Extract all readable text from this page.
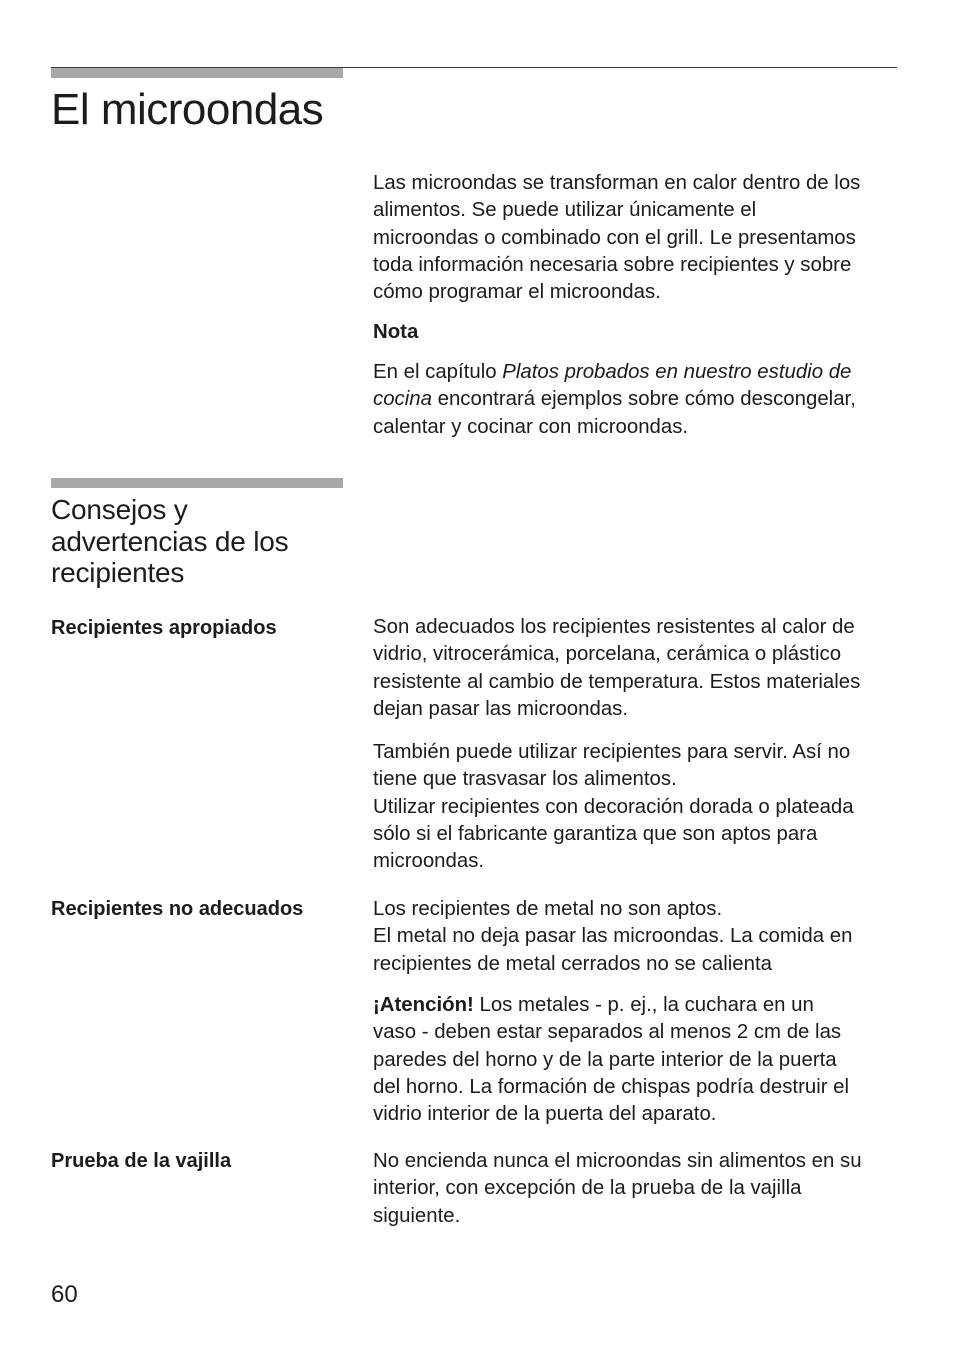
El microondas

Las microondas se transforman en calor dentro de los
alimentos. Se puede utilizar únicamente el
microondas o combinado con el grill. Le presentamos
toda información necesaria sobre recipientes y sobre
cómo programar el microondas.

Nota

En el capítulo Platos probados en nuestro estudio de
cocina encontrará ejemplos sobre cómo descongelar,
calentar y cocinar con microondas.

Consejos y advertencias de los recipientes

Recipientes apropiados	Son adecuados los recipientes resistentes al calor de
vidrio, vitrocerámica, porcelana, cerámica o plástico
resistente al cambio de temperatura. Estos materiales
dejan pasar las microondas.

También puede utilizar recipientes para servir. Así no
tiene que trasvasar los alimentos.
Utilizar recipientes con decoración dorada o plateada
sólo si el fabricante garantiza que son aptos para
microondas.

Recipientes no adecuados	Los recipientes de metal no son aptos.
El metal no deja pasar las microondas. La comida en
recipientes de metal cerrados no se calienta

¡Atención! Los metales - p. ej., la cuchara en un
vaso - deben estar separados al menos 2 cm de las
paredes del horno y de la parte interior de la puerta
del horno. La formación de chispas podría destruir el
vidrio interior de la puerta del aparato.

Prueba de la vajilla	No encienda nunca el microondas sin alimentos en su
interior, con excepción de la prueba de la vajilla
siguiente.

60
